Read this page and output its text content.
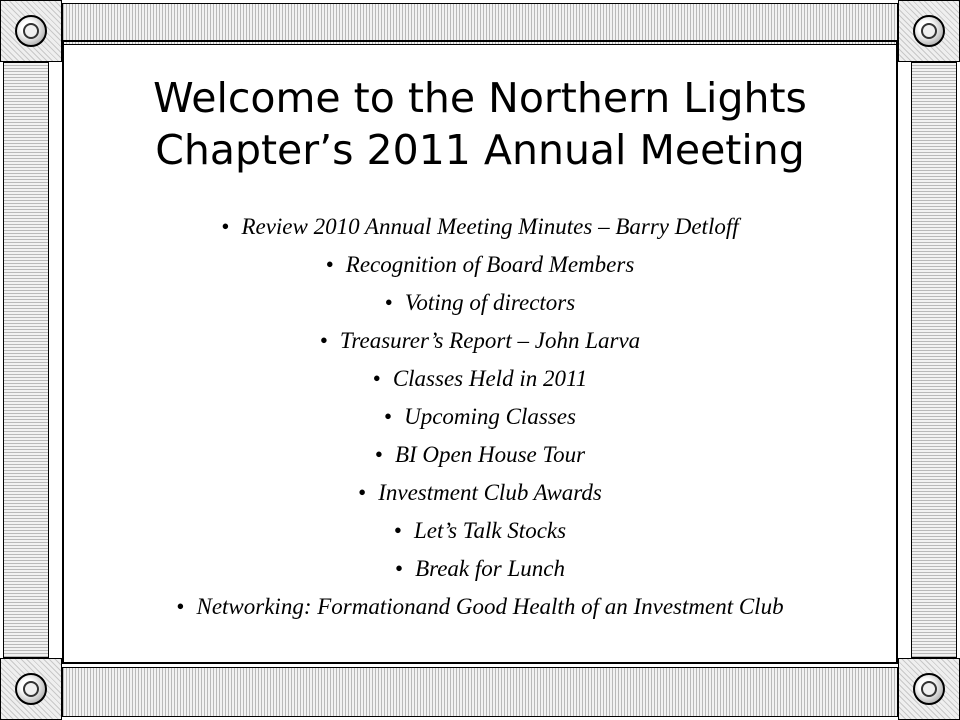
Welcome to the Northern Lights
Chapter’s 2011 Annual Meeting
• Review 2010 Annual Meeting Minutes – Barry Detloff
• Recognition of Board Members
• Voting of directors
• Treasurer’s Report – John Larva
• Classes Held in 2011
• Upcoming Classes
• BI Open House Tour
• Investment Club Awards
• Let’s Talk Stocks
• Break for Lunch
• Networking: Formationand Good Health of an Investment Club
